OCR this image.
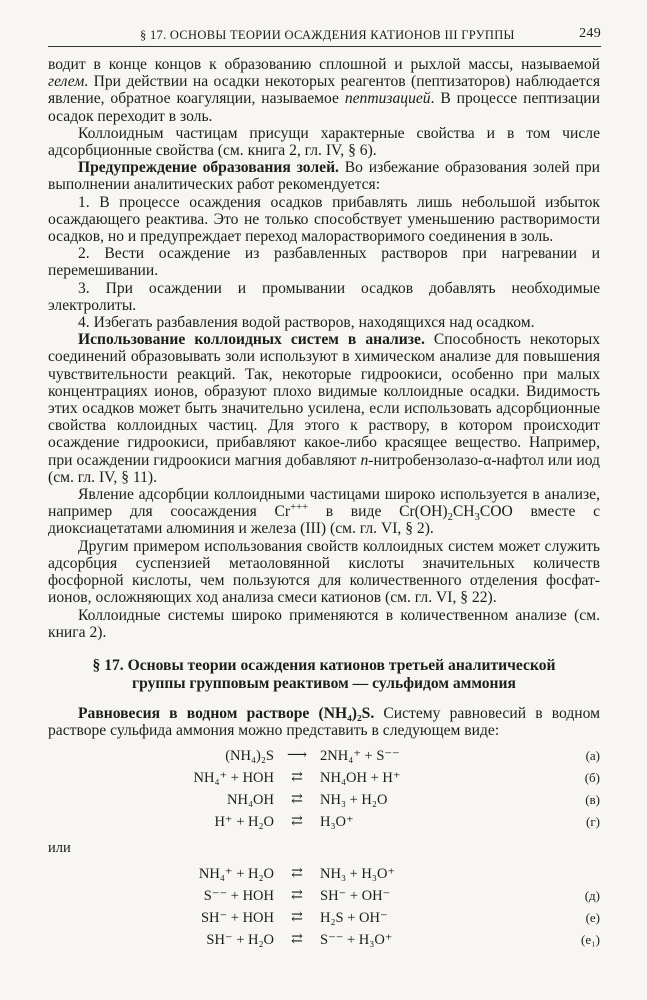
§ 17. ОСНОВЫ ТЕОРИИ ОСАЖДЕНИЯ КАТИОНОВ III ГРУППЫ	249

водит в конце концов к образованию сплошной и рыхлой массы, называемой гелем. При действии на осадки некоторых реагентов (пептизаторов) наблюдается явление, обратное коагуляции, называемое пептизацией. В процессе пептизации осадок переходит в золь.

Коллоидным частицам присущи характерные свойства и в том числе адсорбционные свойства (см. книга 2, гл. IV, § 6).

Предупреждение образования золей. Во избежание образования золей при выполнении аналитических работ рекомендуется:

1. В процессе осаждения осадков прибавлять лишь небольшой избыток осаждающего реактива. Это не только способствует уменьшению растворимости осадков, но и предупреждает переход малорастворимого соединения в золь.

2. Вести осаждение из разбавленных растворов при нагревании и перемешивании.

3. При осаждении и промывании осадков добавлять необходимые электролиты.

4. Избегать разбавления водой растворов, находящихся над осадком.

Использование коллоидных систем в анализе. Способность некоторых соединений образовывать золи используют в химическом анализе для повышения чувствительности реакций. Так, некоторые гидроокиси, особенно при малых концентрациях ионов, образуют плохо видимые коллоидные осадки. Видимость этих осадков может быть значительно усилена, если использовать адсорбционные свойства коллоидных частиц. Для этого к раствору, в котором происходит осаждение гидроокиси, прибавляют какое-либо красящее вещество. Например, при осаждении гидроокиси магния добавляют n-нитробензолазо-α-нафтол или иод (см. гл. IV, § 11).

Явление адсорбции коллоидными частицами широко используется в анализе, например для соосаждения Cr+++ в виде $Cr(OH)_2CH_3COO$ вместе с диоксиацетатами алюминия и железа (III) (см. гл. VI, § 2).

Другим примером использования свойств коллоидных систем может служить адсорбция суспензией метаоловянной кислоты значительных количеств фосфорной кислоты, чем пользуются для количественного отделения фосфат-ионов, осложняющих ход анализа смеси катионов (см. гл. VI, § 22).

Коллоидные системы широко применяются в количественном анализе (см. книга 2).

§ 17. Основы теории осаждения катионов третьей аналитической группы групповым реактивом — сульфидом аммония

Равновесия в водном растворе (NH₄)₂S. Систему равновесий в водном растворе сульфида аммония можно представить в следующем виде:

(NH₄)₂S ⟶ 2NH₄⁺ + S⁻⁻	(а)
NH₄⁺ + HOH	⇄	NH₄OH + H⁺	(б)
NH₄OH	⇄	NH₃ + H₂O	(в)
H⁺ + H₂O	⇄	H₃O⁺	(г)
или
NH₄⁺ + H₂O	⇄	NH₃ + H₃O⁺
S⁻⁻ + HOH	⇄	SH⁻ + OH⁻	(д)
SH⁻ + HOH	⇄	H₂S + OH⁻	(е)
SH⁻ + H₂O	⇄	S⁻⁻ + H₃O⁺	(е₁)
